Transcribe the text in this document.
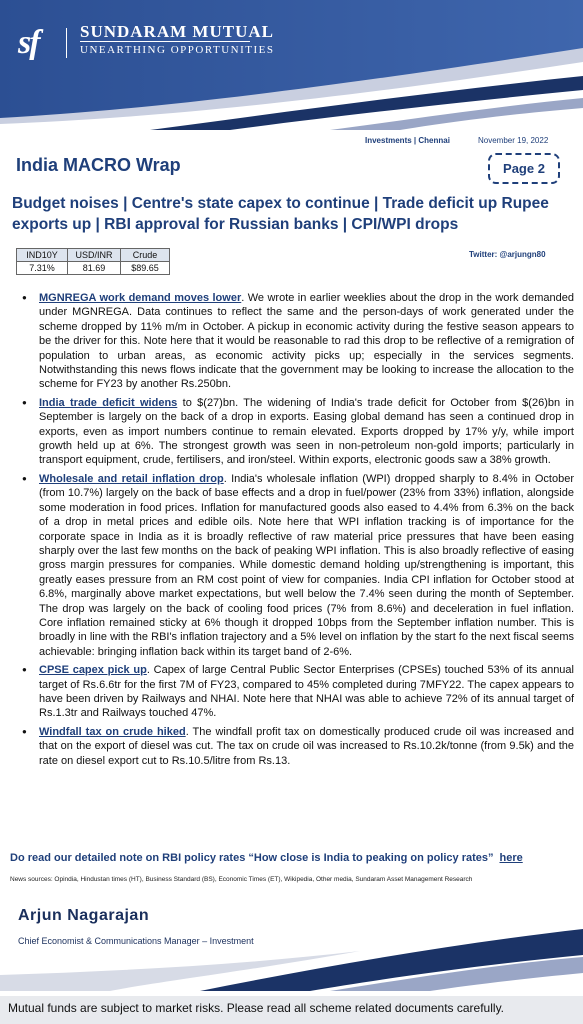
sf SUNDARAM MUTUAL
UNEARTHING OPPORTUNITIES
Investments | Chennai	November 19, 2022
India MACRO Wrap	Page 2
Budget noises | Centre's state capex to continue | Trade deficit up Rupee exports up | RBI approval for Russian banks | CPI/WPI drops
Twitter: @arjungn80
IND10Y	USD/INR	Crude
7.31%	81.69	$89.65
● MGNREGA work demand moves lower. We wrote in earlier weeklies about the drop in the work demanded under MGNREGA. Data continues to reflect the same and the person-days of work generated under the scheme dropped by 11% m/m in October. A pickup in economic activity during the festive season appears to be the driver for this. Note here that it would be reasonable to rad this drop to be reflective of a remigration of population to urban areas, as economic activity picks up; especially in the services segments. Notwithstanding this news flows indicate that the government may be looking to increase the allocation to the scheme for FY23 by another Rs.250bn.
● India trade deficit widens to $(27)bn. The widening of India's trade deficit for October from $(26)bn in September is largely on the back of a drop in exports. Easing global demand has seen a continued drop in exports, even as import numbers continue to remain elevated. Exports dropped by 17% y/y, while import growth held up at 6%. The strongest growth was seen in non-petroleum non-gold imports; particularly in transport equipment, crude, fertilisers, and iron/steel. Within exports, electronic goods saw a 38% growth.
● Wholesale and retail inflation drop. India's wholesale inflation (WPI) dropped sharply to 8.4% in October (from 10.7%) largely on the back of base effects and a drop in fuel/power (23% from 33%) inflation, alongside some moderation in food prices. Inflation for manufactured goods also eased to 4.4% from 6.3% on the back of a drop in metal prices and edible oils. Note here that WPI inflation tracking is of importance for the corporate space in India as it is broadly reflective of raw material price pressures that have been easing sharply over the last few months on the back of peaking WPI inflation. This is also broadly reflective of easing gross margin pressures for companies. While domestic demand holding up/strengthening is important, this greatly eases pressure from an RM cost point of view for companies. India CPI inflation for October stood at 6.8%, marginally above market expectations, but well below the 7.4% seen during the month of September. The drop was largely on the back of cooling food prices (7% from 8.6%) and deceleration in fuel inflation. Core inflation remained sticky at 6% though it dropped 10bps from the September inflation number. This is broadly in line with the RBI's inflation trajectory and a 5% level on inflation by the start fo the next fiscal seems achievable: bringing inflation back within its target band of 2-6%.
● CPSE capex pick up. Capex of large Central Public Sector Enterprises (CPSEs) touched 53% of its annual target of Rs.6.6tr for the first 7M of FY23, compared to 45% completed during 7MFY22. The capex appears to have been driven by Railways and NHAI. Note here that NHAI was able to achieve 72% of its annual target of Rs.1.3tr and Railways touched 47%.
● Windfall tax on crude hiked. The windfall profit tax on domestically produced crude oil was increased and that on the export of diesel was cut. The tax on crude oil was increased to Rs.10.2k/tonne (from 9.5k) and the rate on diesel export cut to Rs.10.5/litre from Rs.13.
Do read our detailed note on RBI policy rates “How close is India to peaking on policy rates” here
News sources: Opindia, Hindustan times (HT), Business Standard (BS), Economic Times (ET), Wikipedia, Other media, Sundaram Asset Management Research
Arjun Nagarajan
Chief Economist & Communications Manager – Investment
Mutual funds are subject to market risks. Please read all scheme related documents carefully.
